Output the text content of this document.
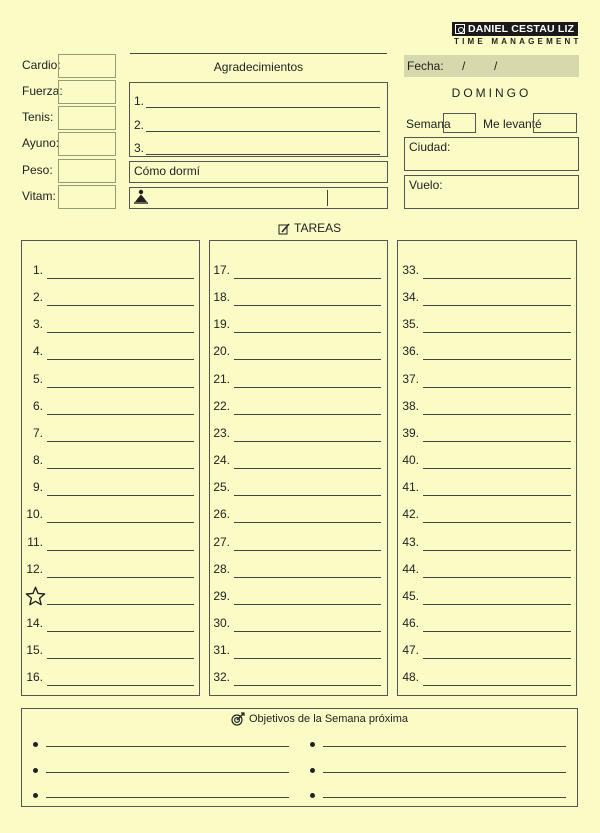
DANIEL CESTAU LIZ
TIME MANAGEMENT
Cardio:
Fuerza:
Tenis:
Ayuno:
Peso:
Vitam:
Agradecimientos
1.
2.
3.
Cómo dormí
Fecha: / /
DOMINGO
Semana	Me levanté
Ciudad:
Vuelo:
TAREAS
1.
2.
3.
4.
5.
6.
7.
8.
9.
10.
11.
12.
14.
15.
16.
17.
18.
19.
20.
21.
22.
23.
24.
25.
26.
27.
28.
29.
30.
31.
32.
33.
34.
35.
36.
37.
38.
39.
40.
41.
42.
43.
44.
45.
46.
47.
48.
Objetivos de la Semana próxima
